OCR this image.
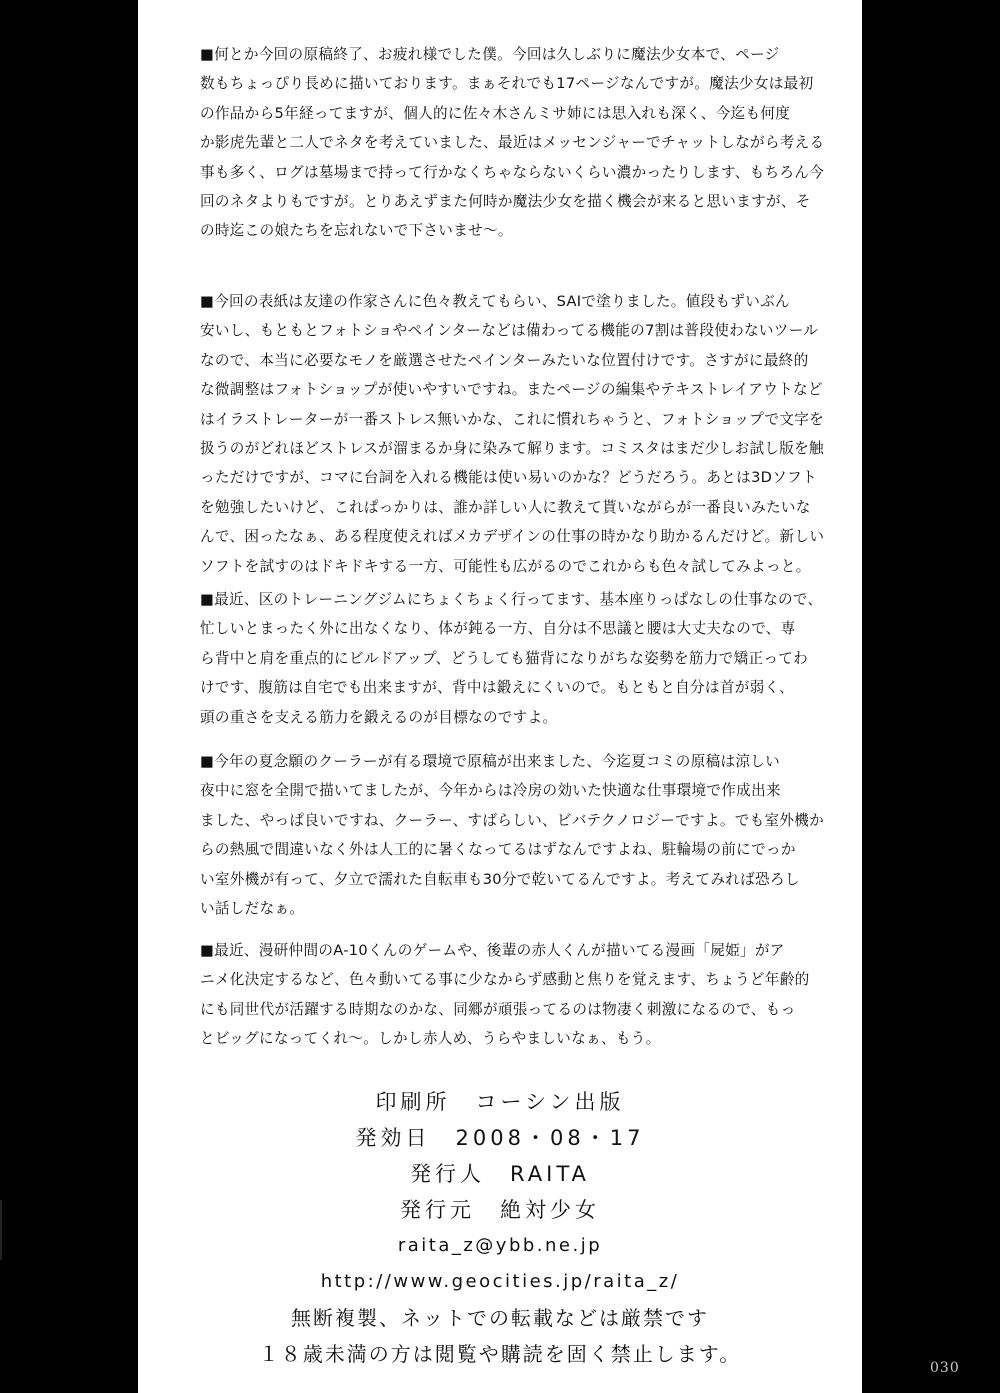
■何とか今回の原稿終了、お疲れ様でした僕。今回は久しぶりに魔法少女本で、ページ
数もちょっぴり長めに描いております。まぁそれでも17ページなんですが。魔法少女は最初
の作品から5年経ってますが、個人的に佐々木さんミサ姉には思入れも深く、今迄も何度
か影虎先輩と二人でネタを考えていました、最近はメッセンジャーでチャットしながら考える
事も多く、ログは墓場まで持って行かなくちゃならないくらい濃かったりします、もちろん今
回のネタよりもですが。とりあえずまた何時か魔法少女を描く機会が来ると思いますが、そ
の時迄この娘たちを忘れないで下さいませ～。
■今回の表紙は友達の作家さんに色々教えてもらい、SAIで塗りました。値段もずいぶん
安いし、もともとフォトショやペインターなどは備わってる機能の7割は普段使わないツール
なので、本当に必要なモノを厳選させたペインターみたいな位置付けです。さすがに最終的
な微調整はフォトショップが使いやすいですね。またページの編集やテキストレイアウトなど
はイラストレーターが一番ストレス無いかな、これに慣れちゃうと、フォトショップで文字を
扱うのがどれほどストレスが溜まるか身に染みて解ります。コミスタはまだ少しお試し版を触
っただけですが、コマに台詞を入れる機能は使い易いのかな？どうだろう。あとは3Dソフト
を勉強したいけど、これぱっかりは、誰か詳しい人に教えて貰いながらが一番良いみたいな
んで、困ったなぁ、ある程度使えればメカデザインの仕事の時かなり助かるんだけど。新しい
ソフトを試すのはドキドキする一方、可能性も広がるのでこれからも色々試してみよっと。
■最近、区のトレーニングジムにちょくちょく行ってます、基本座りっぱなしの仕事なので、
忙しいとまったく外に出なくなり、体が鈍る一方、自分は不思議と腰は大丈夫なので、専
ら背中と肩を重点的にビルドアップ、どうしても猫背になりがちな姿勢を筋力で矯正ってわ
けです、腹筋は自宅でも出来ますが、背中は鍛えにくいので。もともと自分は首が弱く、
頭の重さを支える筋力を鍛えるのが目標なのですよ。
■今年の夏念願のクーラーが有る環境で原稿が出来ました、今迄夏コミの原稿は涼しい
夜中に窓を全開で描いてましたが、今年からは冷房の効いた快適な仕事環境で作成出来
ました、やっぱ良いですね、クーラー、すばらしい、ビバテクノロジーですよ。でも室外機か
らの熱風で間違いなく外は人工的に暑くなってるはずなんですよね、駐輪場の前にでっか
い室外機が有って、夕立で濡れた自転車も30分で乾いてるんですよ。考えてみれば恐ろし
い話しだなぁ。
■最近、漫研仲間のA-10くんのゲームや、後輩の赤人くんが描いてる漫画「屍姫」がア
ニメ化決定するなど、色々動いてる事に少なからず感動と焦りを覚えます、ちょうど年齢的
にも同世代が活躍する時期なのかな、同郷が頑張ってるのは物凄く刺激になるので、もっ
とビッグになってくれ～。しかし赤人め、うらやましいなぁ、もう。
印刷所　コーシン出版
発効日　2008・08・17
発行人　RAITA
発行元　絶対少女
raita_z@ybb.ne.jp
http://www.geocities.jp/raita_z/
無断複製、ネットでの転載などは厳禁です
１８歳未満の方は閲覧や購読を固く禁止します。
030
